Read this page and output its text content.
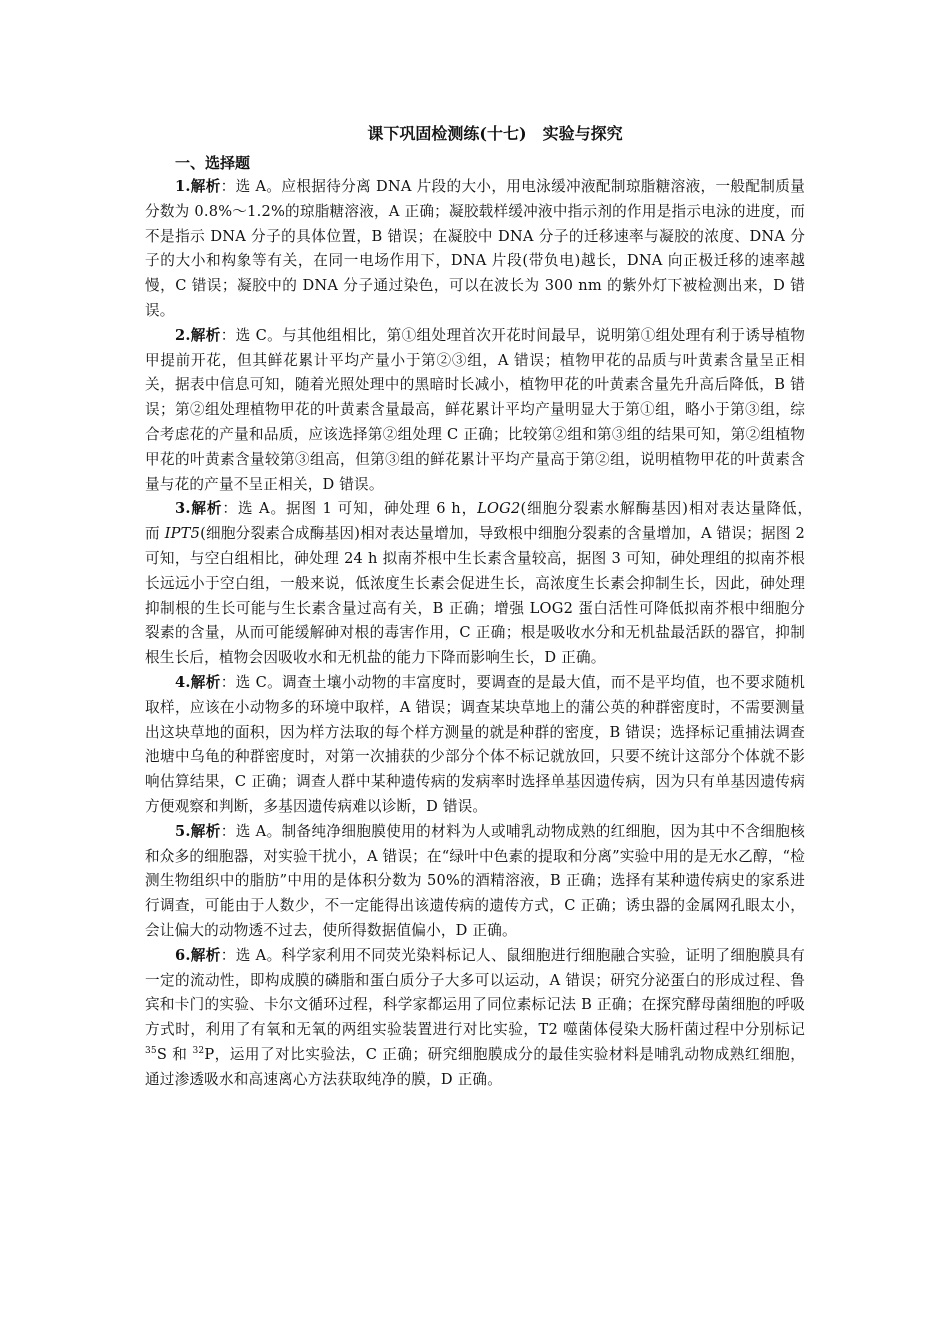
课下巩固检测练(十七)　实验与探究
一、选择题

1.解析：选 A。应根据待分离 DNA 片段的大小，用电泳缓冲液配制琼脂糖溶液，一般配制质量分数为 0.8%～1.2%的琼脂糖溶液，A 正确；凝胶载样缓冲液中指示剂的作用是指示电泳的进度，而不是指示 DNA 分子的具体位置，B 错误；在凝胶中 DNA 分子的迁移速率与凝胶的浓度、DNA 分子的大小和构象等有关，在同一电场作用下，DNA 片段(带负电)越长，DNA 向正极迁移的速率越慢，C 错误；凝胶中的 DNA 分子通过染色，可以在波长为 300 nm 的紫外灯下被检测出来，D 错误。

2.解析：选 C。与其他组相比，第①组处理首次开花时间最早，说明第①组处理有利于诱导植物甲提前开花，但其鲜花累计平均产量小于第②③组，A 错误；植物甲花的品质与叶黄素含量呈正相关，据表中信息可知，随着光照处理中的黑暗时长减小，植物甲花的叶黄素含量先升高后降低，B 错误；第②组处理植物甲花的叶黄素含量最高，鲜花累计平均产量明显大于第①组，略小于第③组，综合考虑花的产量和品质，应该选择第②组处理 C 正确；比较第②组和第③组的结果可知，第②组植物甲花的叶黄素含量较第③组高，但第③组的鲜花累计平均产量高于第②组，说明植物甲花的叶黄素含量与花的产量不呈正相关，D 错误。

3.解析：选 A。据图 1 可知，砷处理 6 h，LOG2(细胞分裂素水解酶基因)相对表达量降低，　而 IPT5(细胞分裂素合成酶基因)相对表达量增加，导致根中细胞分裂素的含量增加，A 错误；据图 2 可知，与空白组相比，砷处理 24 h 拟南芥根中生长素含量较高，据图 3 可知，砷处理组的拟南芥根长远远小于空白组，一般来说，低浓度生长素会促进生长，高浓度生长素会抑制生长，因此，砷处理抑制根的生长可能与生长素含量过高有关，B 正确；增强 LOG2 蛋白活性可降低拟南芥根中细胞分裂素的含量，从而可能缓解砷对根的毒害作用，C 正确；根是吸收水分和无机盐最活跃的器官，抑制根生长后，植物会因吸收水和无机盐的能力下降而影响生长，D 正确。

4.解析：选 C。调查土壤小动物的丰富度时，要调查的是最大值，而不是平均值，也不要求随机取样，应该在小动物多的环境中取样，A 错误；调查某块草地上的蒲公英的种群密度时，不需要测量出这块草地的面积，因为样方法取的每个样方测量的就是种群的密度，B 错误；选择标记重捕法调查池塘中乌龟的种群密度时，对第一次捕获的少部分个体不标记就放回，只要不统计这部分个体就不影响估算结果，C 正确；调查人群中某种遗传病的发病率时选择单基因遗传病，因为只有单基因遗传病方便观察和判断，多基因遗传病难以诊断，D 错误。

5.解析：选 A。制备纯净细胞膜使用的材料为人或哺乳动物成熟的红细胞，因为其中不含细胞核和众多的细胞器，对实验干扰小，A 错误；在“绿叶中色素的提取和分离”实验中用的是无水乙醇，“检测生物组织中的脂肪”中用的是体积分数为 50%的酒精溶液，B 正确；选择有某种遗传病史的家系进行调查，可能由于人数少，不一定能得出该遗传病的遗传方式，C 正确；诱虫器的金属网孔眼太小，会让偏大的动物透不过去，使所得数据值偏小，D 正确。

6.解析：选 A。科学家利用不同荧光染料标记人、鼠细胞进行细胞融合实验，证明了细胞膜具有一定的流动性，即构成膜的磷脂和蛋白质分子大多可以运动，A 错误；研究分泌蛋白的形成过程、鲁宾和卡门的实验、卡尔文循环过程，科学家都运用了同位素标记法 B 正确；在探究酵母菌细胞的呼吸方式时，利用了有氧和无氧的两组实验装置进行对比实验，T2 噬菌体侵染大肠杆菌过程中分别标记 $^{35}$S 和 $^{32}$P，运用了对比实验法，C 正确；研究细胞膜成分的最佳实验材料是哺乳动物成熟红细胞，通过渗透吸水和高速离心方法获取纯净的膜，D 正确。
